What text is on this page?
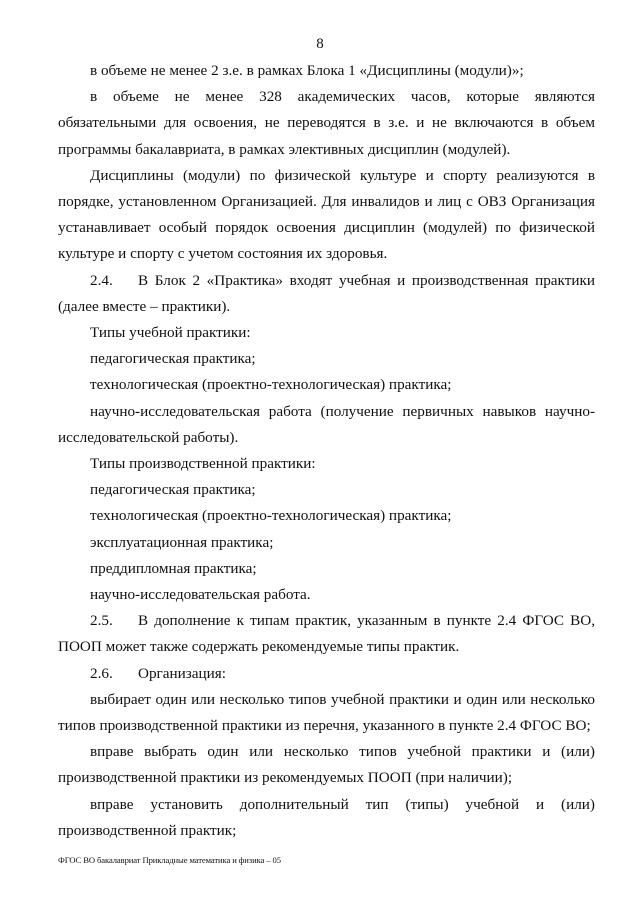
8

в объеме не менее 2 з.е. в рамках Блока 1 «Дисциплины (модули)»;

в объеме не менее 328 академических часов, которые являются обязательными для освоения, не переводятся в з.е. и не включаются в объем программы бакалавриата, в рамках элективных дисциплин (модулей).

Дисциплины (модули) по физической культуре и спорту реализуются в порядке, установленном Организацией. Для инвалидов и лиц с ОВЗ Организация устанавливает особый порядок освоения дисциплин (модулей) по физической культуре и спорту с учетом состояния их здоровья.

2.4. В Блок 2 «Практика» входят учебная и производственная практики (далее вместе – практики).

Типы учебной практики:

педагогическая практика;

технологическая (проектно-технологическая) практика;

научно-исследовательская работа (получение первичных навыков научно-исследовательской работы).

Типы производственной практики:

педагогическая практика;

технологическая (проектно-технологическая) практика;

эксплуатационная практика;

преддипломная практика;

научно-исследовательская работа.

2.5. В дополнение к типам практик, указанным в пункте 2.4 ФГОС ВО, ПООП может также содержать рекомендуемые типы практик.

2.6. Организация:

выбирает один или несколько типов учебной практики и один или несколько типов производственной практики из перечня, указанного в пункте 2.4 ФГОС ВО;

вправе выбрать один или несколько типов учебной практики и (или) производственной практики из рекомендуемых ПООП (при наличии);

вправе установить дополнительный тип (типы) учебной и (или) производственной практик;

ФГОС ВО бакалавриат Прикладные математика и физика – 05
